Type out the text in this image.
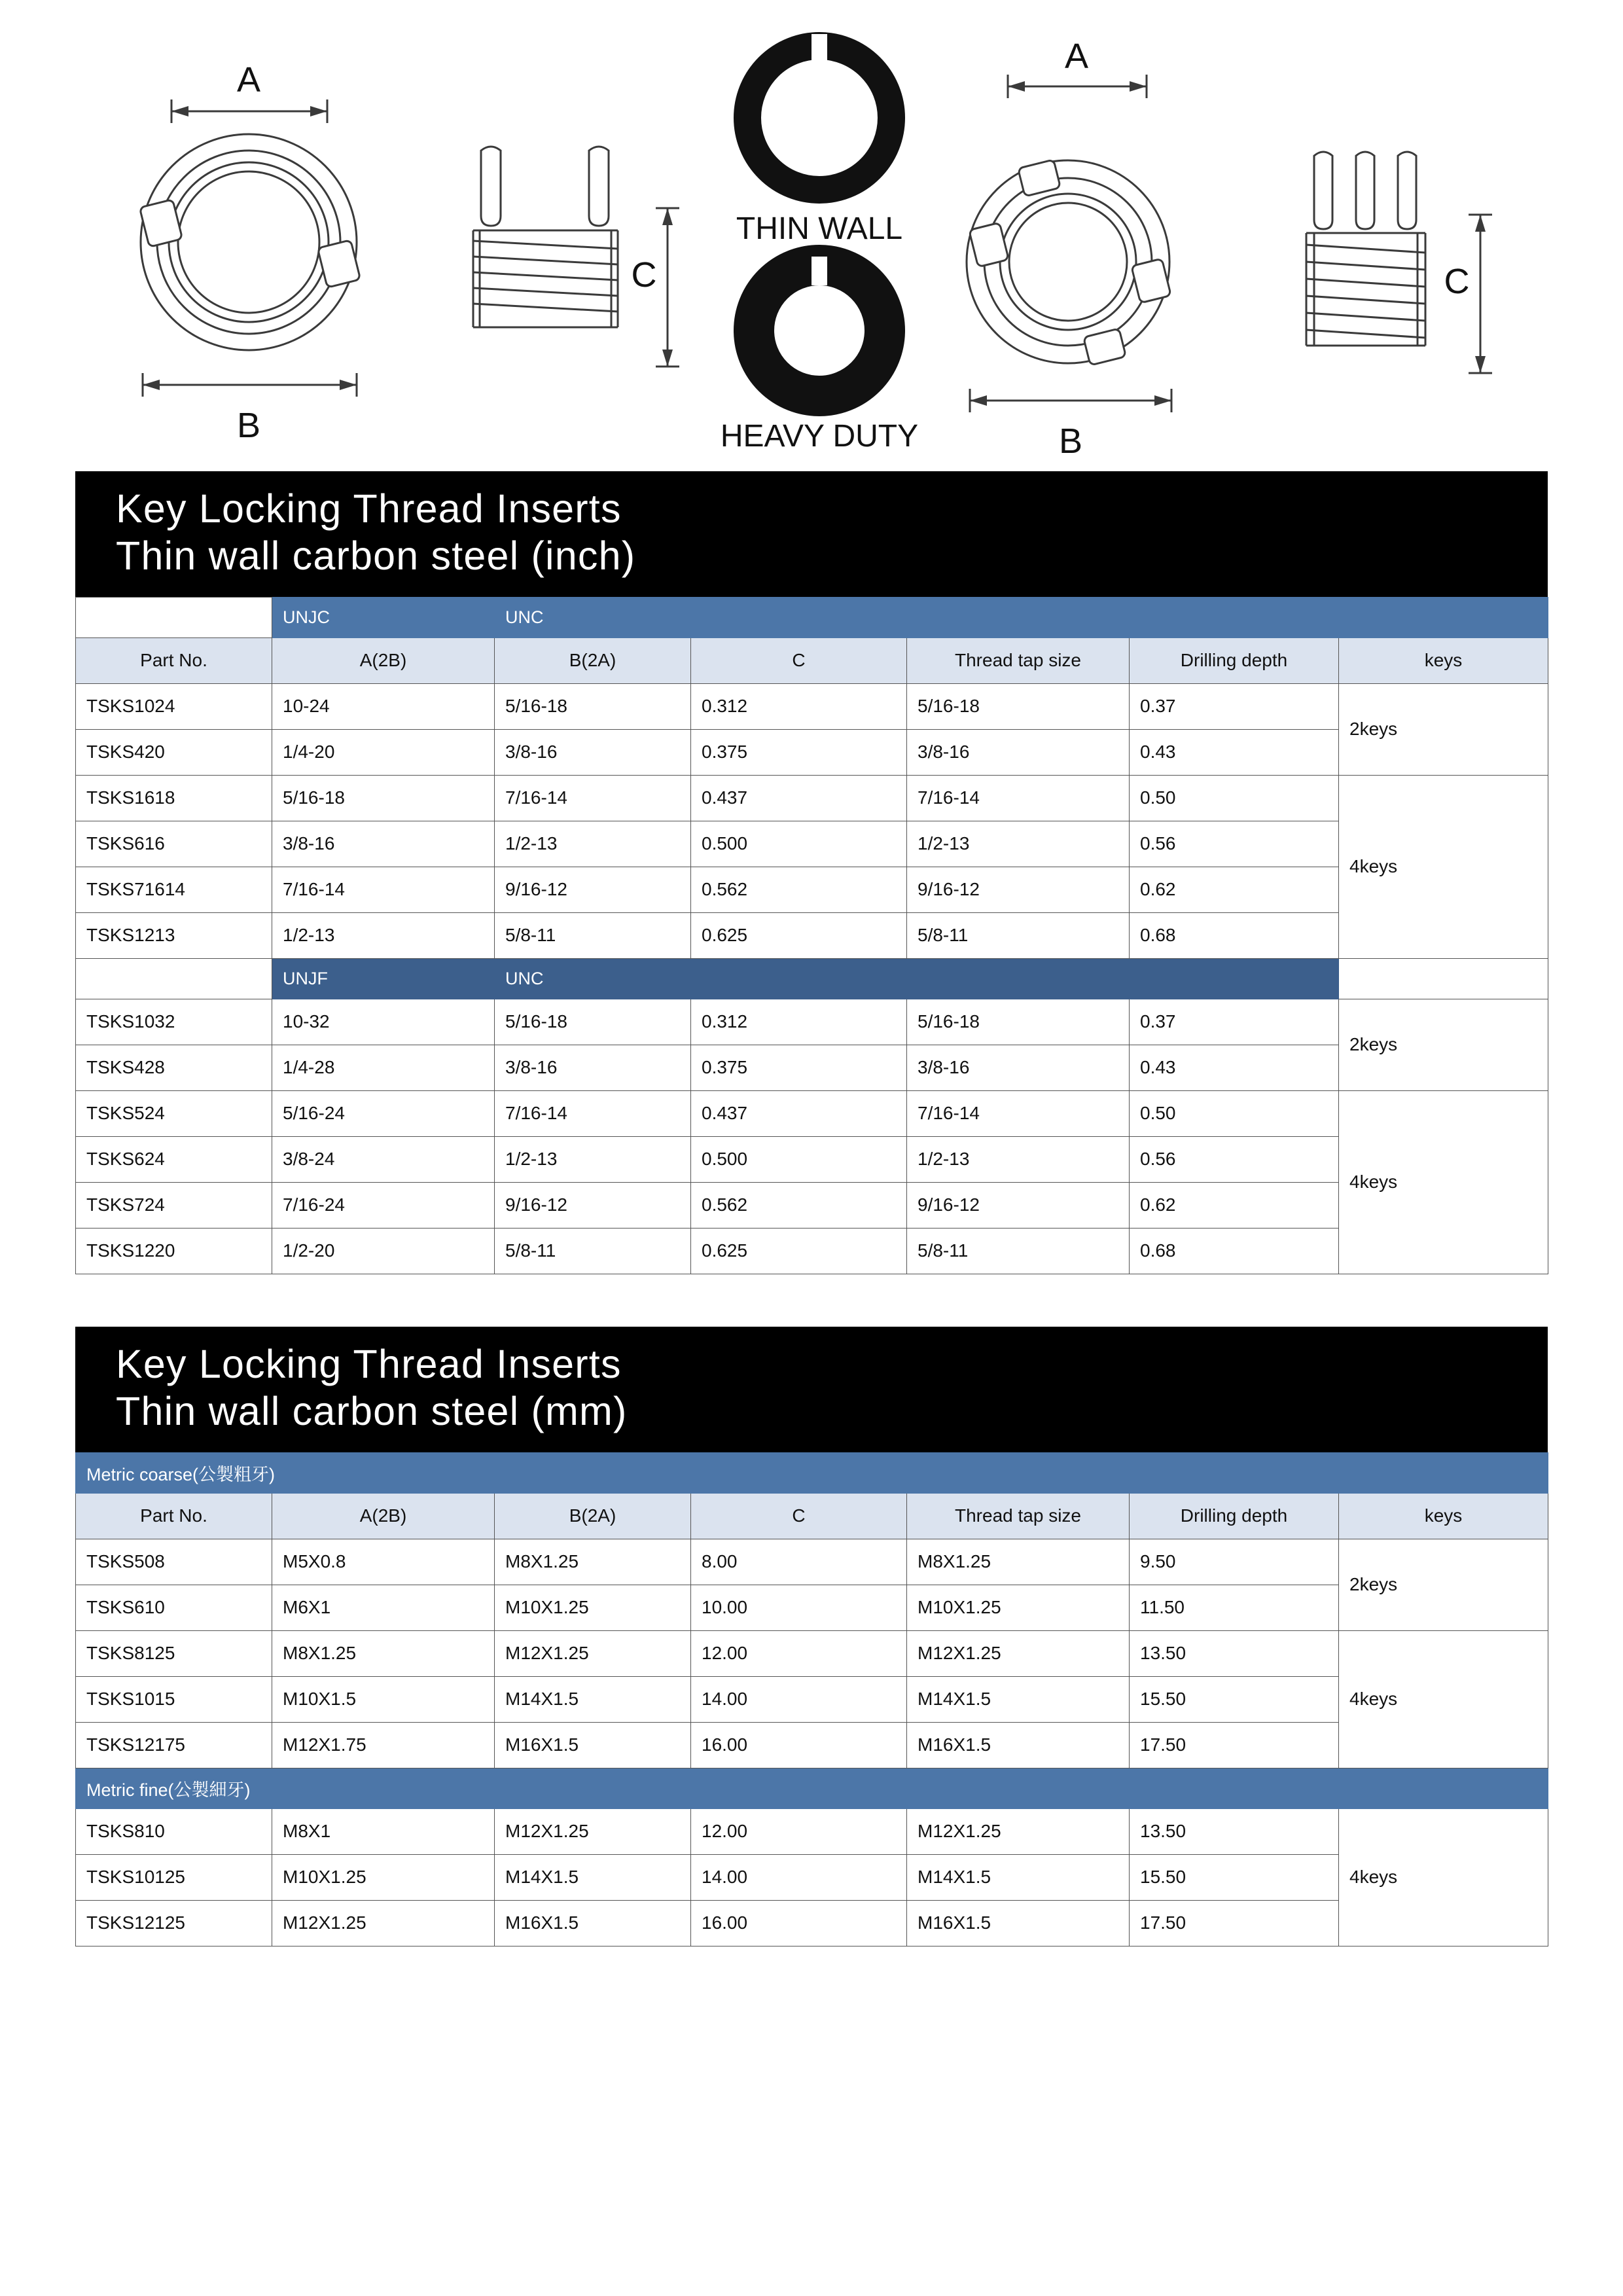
A
B
C
THIN WALL
HEAVY DUTY
A
B
C
Key Locking Thread Inserts
Thin wall carbon steel (inch)
	UNJC	UNC				
Part No.	A(2B)	B(2A)	C	Thread tap size	Drilling depth	keys
TSKS1024	10-24	5/16-18	0.312	5/16-18	0.37	2keys
TSKS420	1/4-20	3/8-16	0.375	3/8-16	0.43	
TSKS1618	5/16-18	7/16-14	0.437	7/16-14	0.50	4keys
TSKS616	3/8-16	1/2-13	0.500	1/2-13	0.56	
TSKS71614	7/16-14	9/16-12	0.562	9/16-12	0.62	
TSKS1213	1/2-13	5/8-11	0.625	5/8-11	0.68	
	UNJF	UNC				
TSKS1032	10-32	5/16-18	0.312	5/16-18	0.37	2keys
TSKS428	1/4-28	3/8-16	0.375	3/8-16	0.43	
TSKS524	5/16-24	7/16-14	0.437	7/16-14	0.50	4keys
TSKS624	3/8-24	1/2-13	0.500	1/2-13	0.56	
TSKS724	7/16-24	9/16-12	0.562	9/16-12	0.62	
TSKS1220	1/2-20	5/8-11	0.625	5/8-11	0.68	
Key Locking Thread Inserts
Thin wall carbon steel (mm)
Metric coarse(公製粗牙)						
Part No.	A(2B)	B(2A)	C	Thread tap size	Drilling depth	keys
TSKS508	M5X0.8	M8X1.25	8.00	M8X1.25	9.50	2keys
TSKS610	M6X1	M10X1.25	10.00	M10X1.25	11.50	
TSKS8125	M8X1.25	M12X1.25	12.00	M12X1.25	13.50	4keys
TSKS1015	M10X1.5	M14X1.5	14.00	M14X1.5	15.50	
TSKS12175	M12X1.75	M16X1.5	16.00	M16X1.5	17.50	
Metric fine(公製細牙)						
TSKS810	M8X1	M12X1.25	12.00	M12X1.25	13.50	4keys
TSKS10125	M10X1.25	M14X1.5	14.00	M14X1.5	15.50	
TSKS12125	M12X1.25	M16X1.5	16.00	M16X1.5	17.50	
